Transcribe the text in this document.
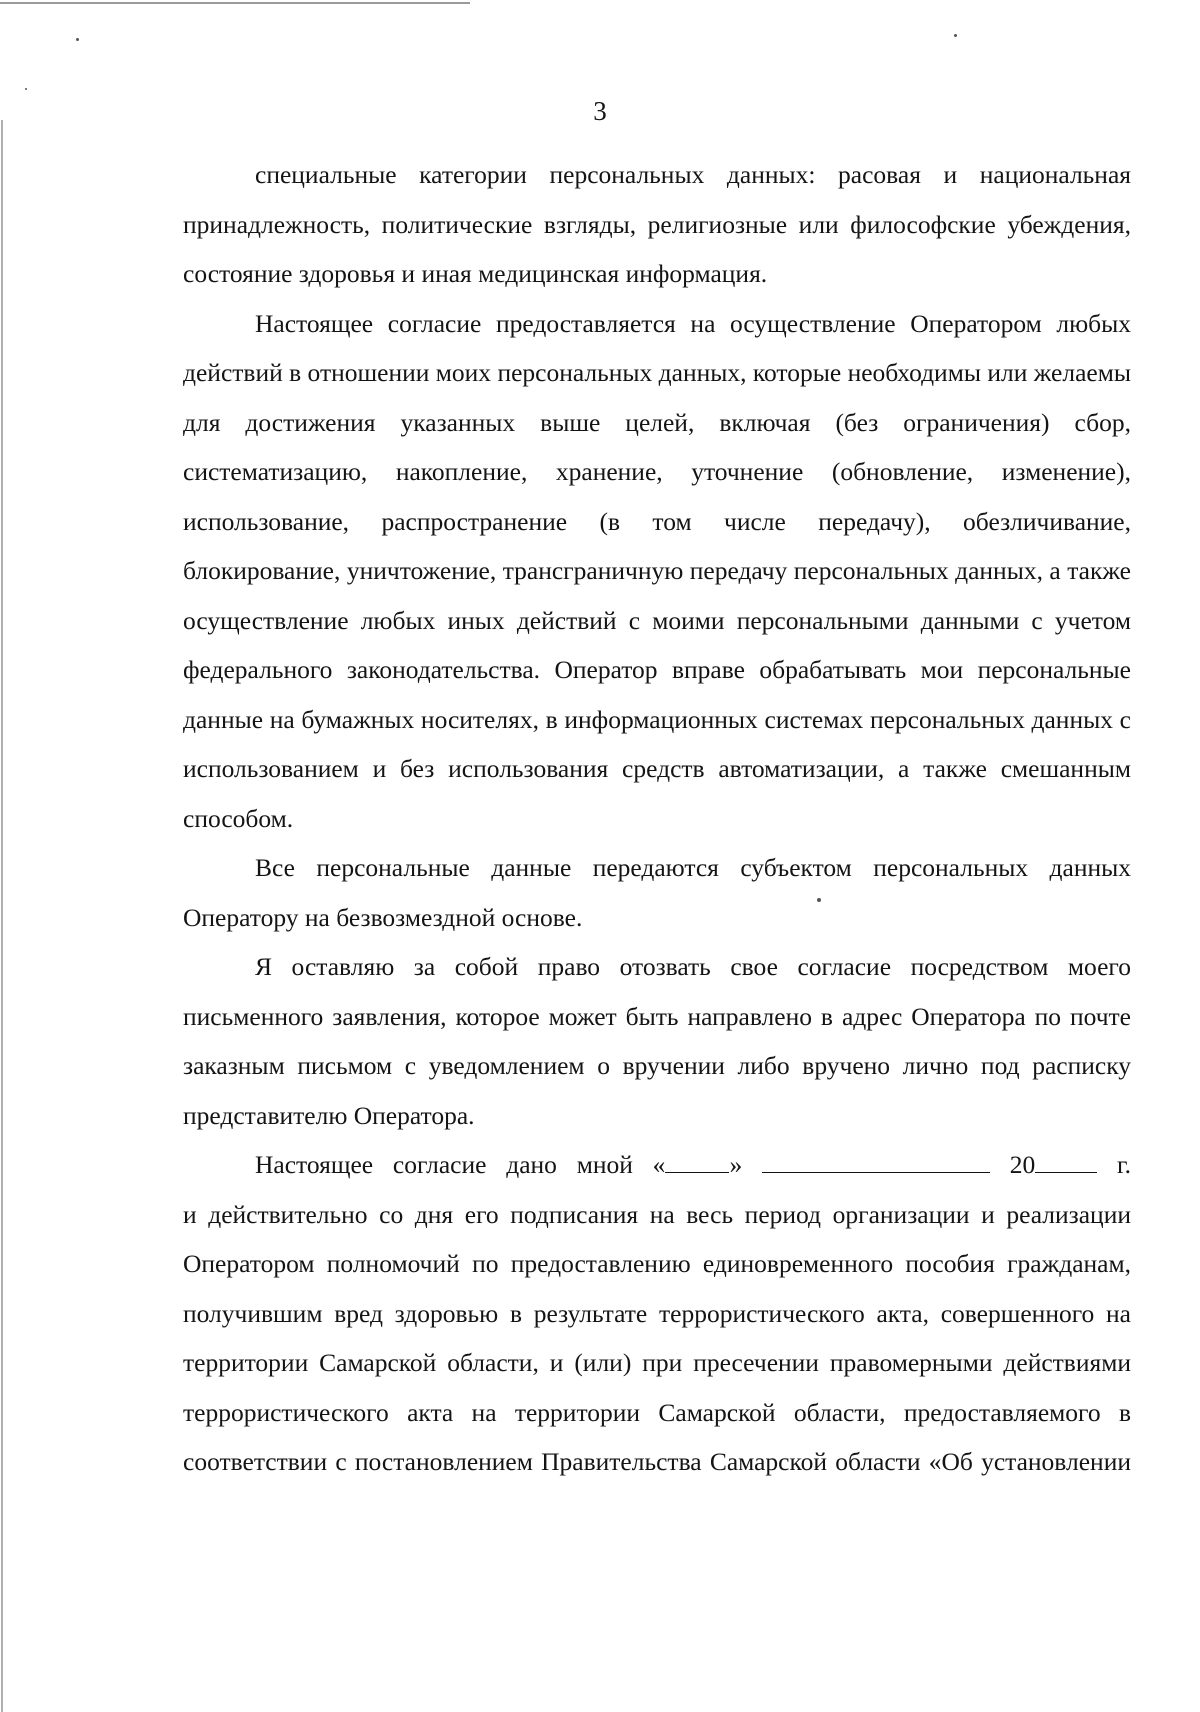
3

специальные категории персональных данных: расовая и национальная принадлежность, политические взгляды, религиозные или философские убеждения, состояние здоровья и иная медицинская информация.

Настоящее согласие предоставляется на осуществление Оператором любых действий в отношении моих персональных данных, которые необходимы или желаемы для достижения указанных выше целей, включая (без ограничения) сбор, систематизацию, накопление, хранение, уточнение (обновление, изменение), использование, распространение (в том числе передачу), обезличивание, блокирование, уничтожение, трансграничную передачу персональных данных, а также осуществление любых иных действий с моими персональными данными с учетом федерального законодательства. Оператор вправе обрабатывать мои персональные данные на бумажных носителях, в информационных системах персональных данных с использованием и без использования средств автоматизации, а также смешанным способом.

Все персональные данные передаются субъектом персональных данных Оператору на безвозмездной основе.

Я оставляю за собой право отозвать свое согласие посредством моего письменного заявления, которое может быть направлено в адрес Оператора по почте заказным письмом с уведомлением о вручении либо вручено лично под расписку представителю Оператора.

Настоящее согласие дано мной «	»	20	г.

и действительно со дня его подписания на весь период организации и реализации Оператором полномочий по предоставлению единовременного пособия гражданам, получившим вред здоровью в результате террористического акта, совершенного на территории Самарской области, и (или) при пресечении правомерными действиями террористического акта на территории Самарской области, предоставляемого в соответствии с постановлением Правительства Самарской области «Об установлении
